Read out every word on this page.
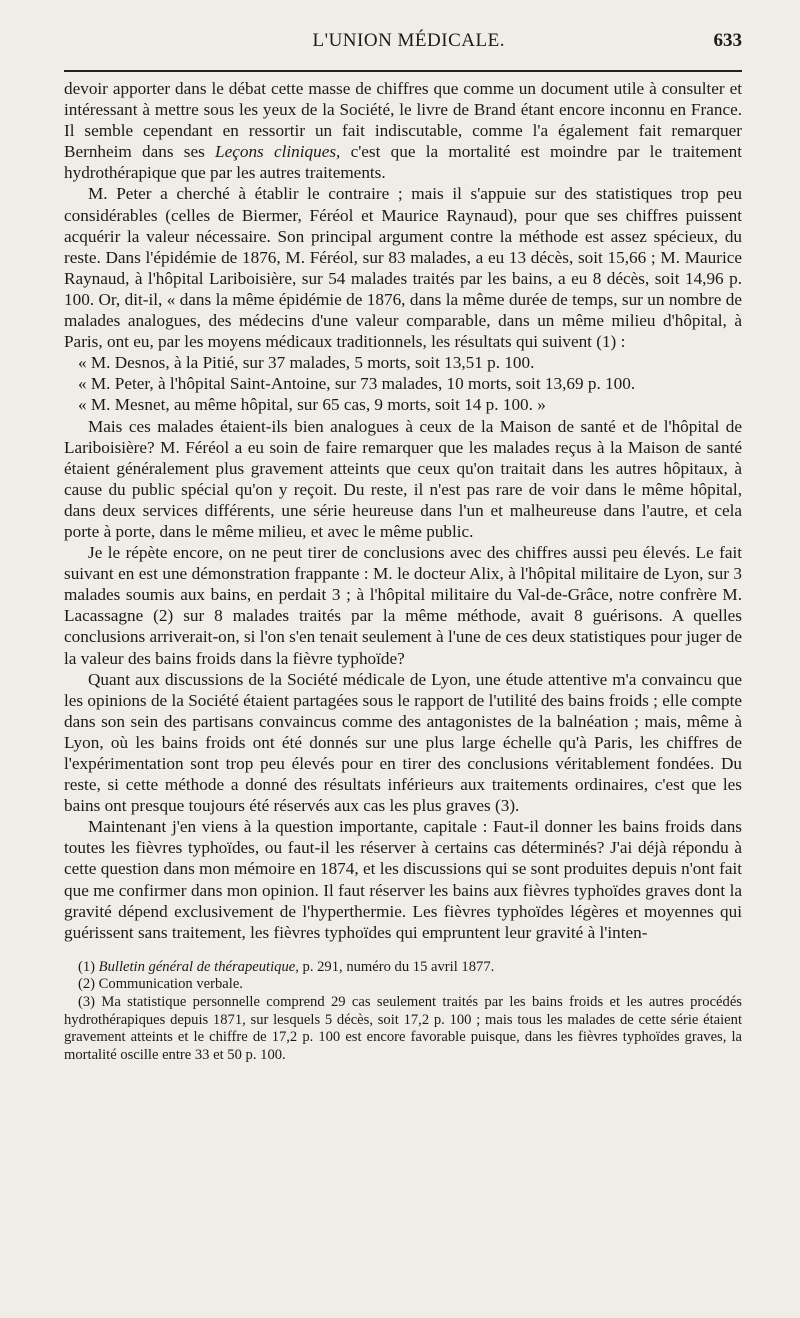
L'UNION MÉDICALE.	633

devoir apporter dans le débat cette masse de chiffres que comme un document utile à consulter et intéressant à mettre sous les yeux de la Société, le livre de Brand étant encore inconnu en France. Il semble cependant en ressortir un fait indiscutable, comme l'a également fait remarquer Bernheim dans ses Leçons cliniques, c'est que la mortalité est moindre par le traitement hydrothérapique que par les autres traitements.

M. Peter a cherché à établir le contraire ; mais il s'appuie sur des statistiques trop peu considérables (celles de Biermer, Féréol et Maurice Raynaud), pour que ses chiffres puissent acquérir la valeur nécessaire. Son principal argument contre la méthode est assez spécieux, du reste. Dans l'épidémie de 1876, M. Féréol, sur 83 malades, a eu 13 décès, soit 15,66 ; M. Maurice Raynaud, à l'hôpital Lariboisière, sur 54 malades traités par les bains, a eu 8 décès, soit 14,96 p. 100. Or, dit-il, « dans la même épidémie de 1876, dans la même durée de temps, sur un nombre de malades analogues, des médecins d'une valeur comparable, dans un même milieu d'hôpital, à Paris, ont eu, par les moyens médicaux traditionnels, les résultats qui suivent (1) :

« M. Desnos, à la Pitié, sur 37 malades, 5 morts, soit 13,51 p. 100.

« M. Peter, à l'hôpital Saint-Antoine, sur 73 malades, 10 morts, soit 13,69 p. 100.

« M. Mesnet, au même hôpital, sur 65 cas, 9 morts, soit 14 p. 100. »

Mais ces malades étaient-ils bien analogues à ceux de la Maison de santé et de l'hôpital de Lariboisière? M. Féréol a eu soin de faire remarquer que les malades reçus à la Maison de santé étaient généralement plus gravement atteints que ceux qu'on traitait dans les autres hôpitaux, à cause du public spécial qu'on y reçoit. Du reste, il n'est pas rare de voir dans le même hôpital, dans deux services différents, une série heureuse dans l'un et malheureuse dans l'autre, et cela porte à porte, dans le même milieu, et avec le même public.

Je le répète encore, on ne peut tirer de conclusions avec des chiffres aussi peu élevés. Le fait suivant en est une démonstration frappante : M. le docteur Alix, à l'hôpital militaire de Lyon, sur 3 malades soumis aux bains, en perdait 3 ; à l'hôpital militaire du Val-de-Grâce, notre confrère M. Lacassagne (2) sur 8 malades traités par la même méthode, avait 8 guérisons. A quelles conclusions arriverait-on, si l'on s'en tenait seulement à l'une de ces deux statistiques pour juger de la valeur des bains froids dans la fièvre typhoïde?

Quant aux discussions de la Société médicale de Lyon, une étude attentive m'a convaincu que les opinions de la Société étaient partagées sous le rapport de l'utilité des bains froids ; elle compte dans son sein des partisans convaincus comme des antagonistes de la balnéation ; mais, même à Lyon, où les bains froids ont été donnés sur une plus large échelle qu'à Paris, les chiffres de l'expérimentation sont trop peu élevés pour en tirer des conclusions véritablement fondées. Du reste, si cette méthode a donné des résultats inférieurs aux traitements ordinaires, c'est que les bains ont presque toujours été réservés aux cas les plus graves (3).

Maintenant j'en viens à la question importante, capitale : Faut-il donner les bains froids dans toutes les fièvres typhoïdes, ou faut-il les réserver à certains cas déterminés? J'ai déjà répondu à cette question dans mon mémoire en 1874, et les discussions qui se sont produites depuis n'ont fait que me confirmer dans mon opinion. Il faut réserver les bains aux fièvres typhoïdes graves dont la gravité dépend exclusivement de l'hyperthermie. Les fièvres typhoïdes légères et moyennes qui guérissent sans traitement, les fièvres typhoïdes qui empruntent leur gravité à l'inten-

(1) Bulletin général de thérapeutique, p. 291, numéro du 15 avril 1877.

(2) Communication verbale.

(3) Ma statistique personnelle comprend 29 cas seulement traités par les bains froids et les autres procédés hydrothérapiques depuis 1871, sur lesquels 5 décès, soit 17,2 p. 100 ; mais tous les malades de cette série étaient gravement atteints et le chiffre de 17,2 p. 100 est encore favorable puisque, dans les fièvres typhoïdes graves, la mortalité oscille entre 33 et 50 p. 100.
